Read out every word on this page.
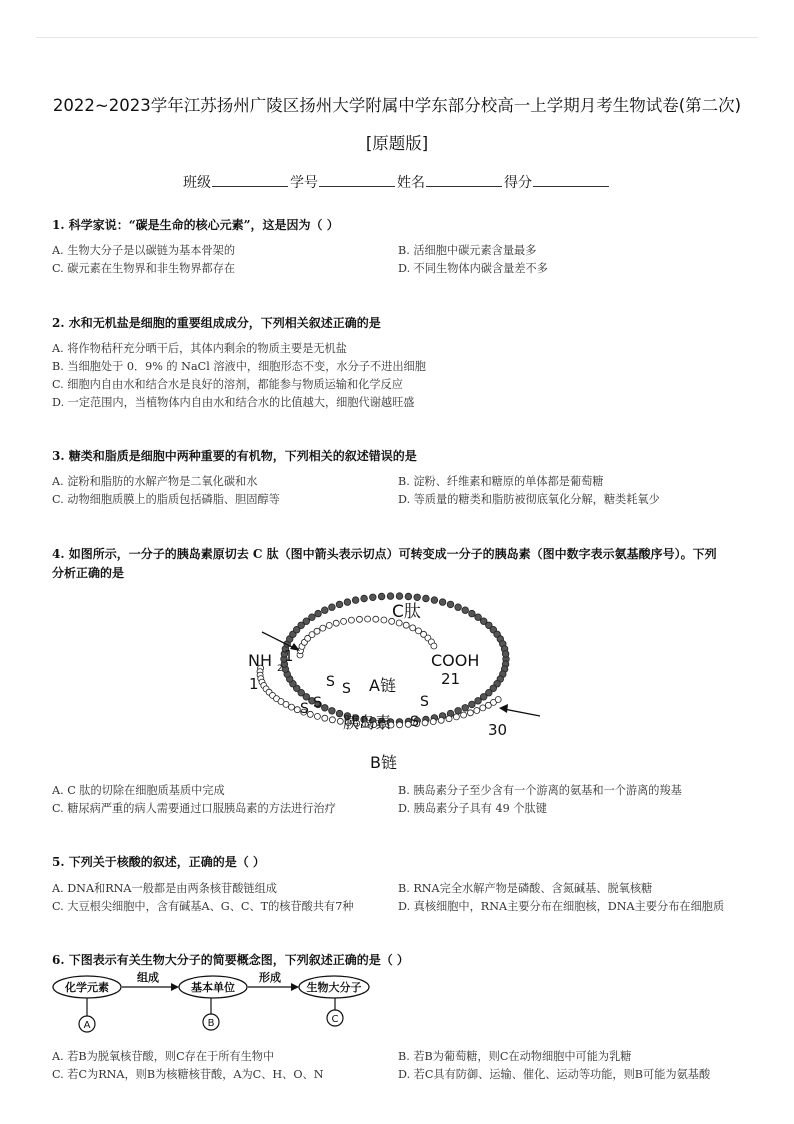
2022~2023学年江苏扬州广陵区扬州大学附属中学东部分校高一上学期月考生物试卷(第二次)
[原题版]
班级	学号	姓名	得分
1. 科学家说：“碳是生命的核心元素”，这是因为（ ）
A. 生物大分子是以碳链为基本骨架的	B. 活细胞中碳元素含量最多
C. 碳元素在生物界和非生物界都存在	D. 不同生物体内碳含量差不多
2. 水和无机盐是细胞的重要组成成分，下列相关叙述正确的是
A. 将作物秸秆充分晒干后，其体内剩余的物质主要是无机盐
B. 当细胞处于 0．9% 的 NaCl 溶液中，细胞形态不变，水分子不进出细胞
C. 细胞内自由水和结合水是良好的溶剂，都能参与物质运输和化学反应
D. 一定范围内，当植物体内自由水和结合水的比值越大，细胞代谢越旺盛
3. 糖类和脂质是细胞中两种重要的有机物，下列相关的叙述错误的是
A. 淀粉和脂肪的水解产物是二氧化碳和水	B. 淀粉、纤维素和糖原的单体都是葡萄糖
C. 动物细胞质膜上的脂质包括磷脂、胆固醇等	D. 等质量的糖类和脂肪被彻底氧化分解，糖类耗氧少
4. 如图所示，一分子的胰岛素原切去 C 肽（图中箭头表示切点）可转变成一分子的胰岛素（图中数字表示氨基酸序号）。下列
分析正确的是
C肽
NH 2
1
1
COOH
21
A链
胰岛素	30
B链
S S
S S	S
S
A. C 肽的切除在细胞质基质中完成	B. 胰岛素分子至少含有一个游离的氨基和一个游离的羧基
C. 糖尿病严重的病人需要通过口服胰岛素的方法进行治疗	D. 胰岛素分子具有 49 个肽键
5. 下列关于核酸的叙述，正确的是（ ）
A. DNA和RNA一般都是由两条核苷酸链组成	B. RNA完全水解产物是磷酸、含氮碱基、脱氧核糖
C. 大豆根尖细胞中，含有碱基A、G、C、T的核苷酸共有7种	D. 真核细胞中，RNA主要分布在细胞核，DNA主要分布在细胞质
6. 下图表示有关生物大分子的简要概念图，下列叙述正确的是（ ）
化学元素	基本单位	生物大分子
组成	形成
A	B	C
A. 若B为脱氧核苷酸，则C存在于所有生物中	B. 若B为葡萄糖，则C在动物细胞中可能为乳糖
C. 若C为RNA，则B为核糖核苷酸，A为C、H、O、N	D. 若C具有防御、运输、催化、运动等功能，则B可能为氨基酸
